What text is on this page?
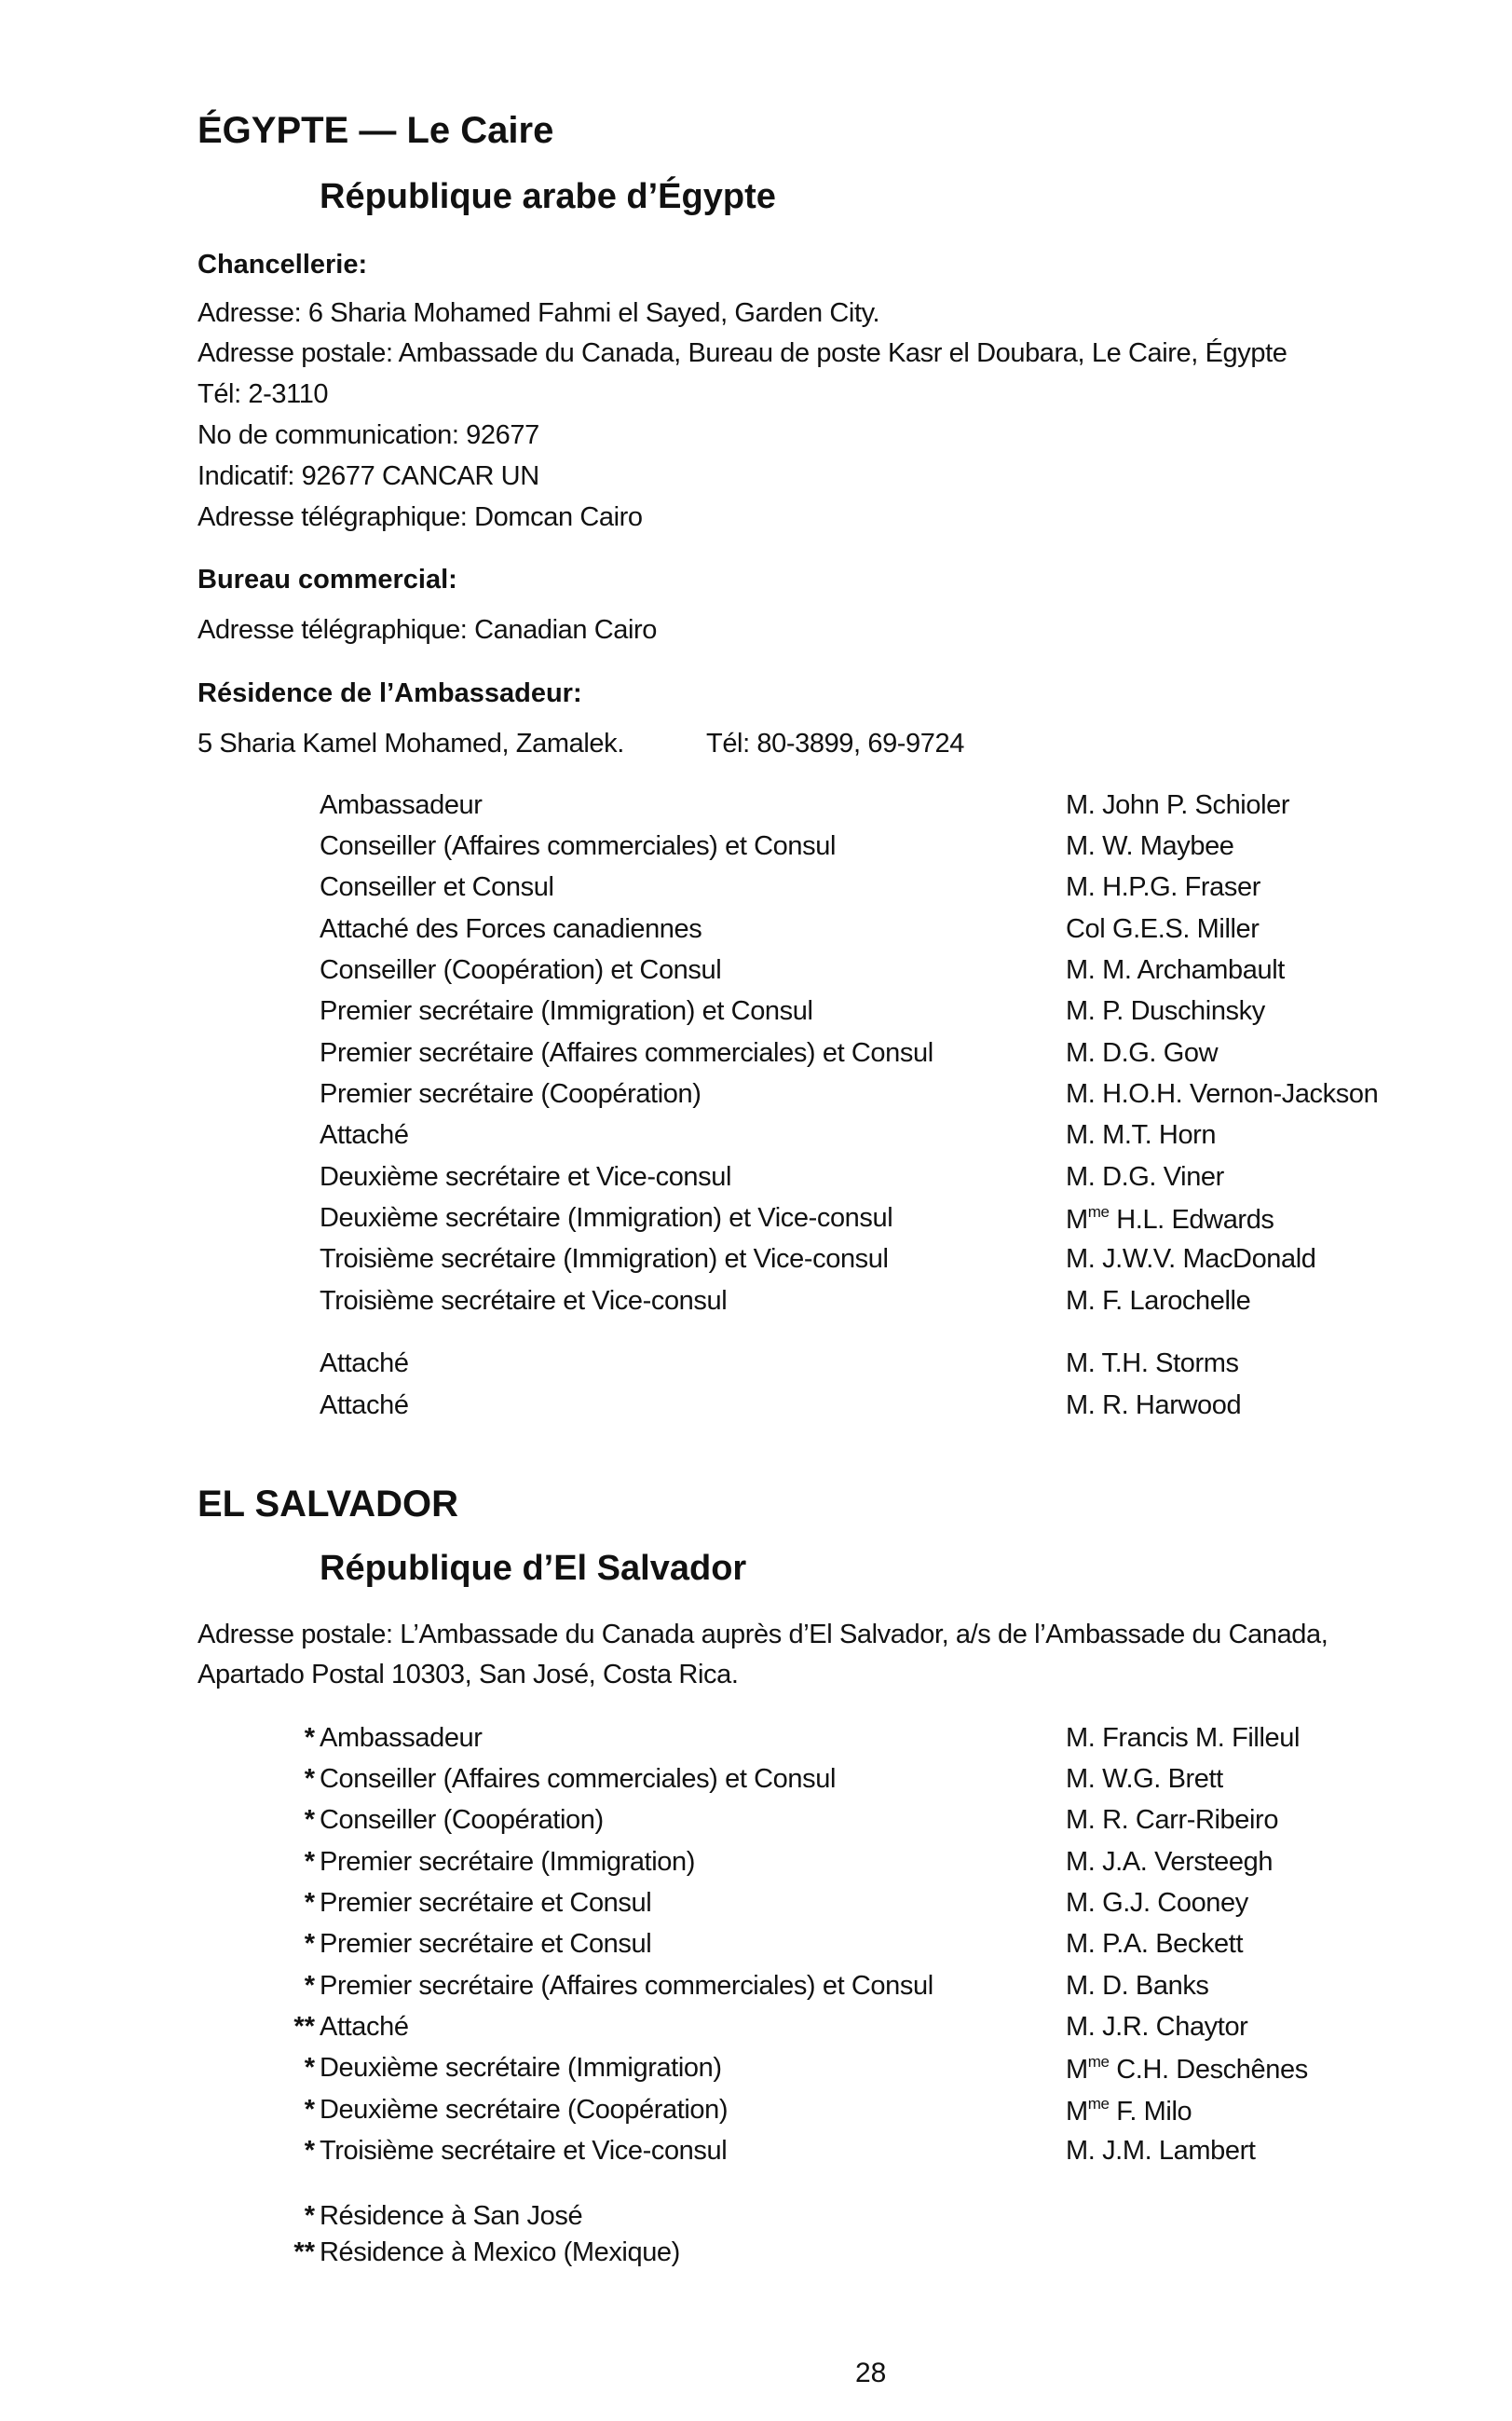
ÉGYPTE — Le Caire
République arabe d’Égypte
Chancellerie:
Adresse: 6 Sharia Mohamed Fahmi el Sayed, Garden City.
Adresse postale: Ambassade du Canada, Bureau de poste Kasr el Doubara, Le Caire, Égypte
Tél: 2-3110
No de communication: 92677
Indicatif: 92677 CANCAR UN
Adresse télégraphique: Domcan Cairo
Bureau commercial:
Adresse télégraphique: Canadian Cairo
Résidence de l’Ambassadeur:
5 Sharia Kamel Mohamed, Zamalek.	Tél: 80-3899, 69-9724
Ambassadeur	M. John P. Schioler
Conseiller (Affaires commerciales) et Consul	M. W. Maybee
Conseiller et Consul	M. H.P.G. Fraser
Attaché des Forces canadiennes	Col G.E.S. Miller
Conseiller (Coopération) et Consul	M. M. Archambault
Premier secrétaire (Immigration) et Consul	M. P. Duschinsky
Premier secrétaire (Affaires commerciales) et Consul	M. D.G. Gow
Premier secrétaire (Coopération)	M. H.O.H. Vernon-Jackson
Attaché	M. M.T. Horn
Deuxième secrétaire et Vice-consul	M. D.G. Viner
Deuxième secrétaire (Immigration) et Vice-consul	$M^{me}$ H.L. Edwards
Troisième secrétaire (Immigration) et Vice-consul	M. J.W.V. MacDonald
Troisième secrétaire et Vice-consul	M. F. Larochelle
Attaché	M. T.H. Storms
Attaché	M. R. Harwood
EL SALVADOR
République d’El Salvador
Adresse postale: L’Ambassade du Canada auprès d’El Salvador, a/s de l’Ambassade du Canada,
Apartado Postal 10303, San José, Costa Rica.
* Ambassadeur	M. Francis M. Filleul
* Conseiller (Affaires commerciales) et Consul	M. W.G. Brett
* Conseiller (Coopération)	M. R. Carr-Ribeiro
* Premier secrétaire (Immigration)	M. J.A. Versteegh
* Premier secrétaire et Consul	M. G.J. Cooney
* Premier secrétaire et Consul	M. P.A. Beckett
* Premier secrétaire (Affaires commerciales) et Consul	M. D. Banks
** Attaché	M. J.R. Chaytor
* Deuxième secrétaire (Immigration)	$M^{me}$ C.H. Deschênes
* Deuxième secrétaire (Coopération)	$M^{me}$ F. Milo
* Troisième secrétaire et Vice-consul	M. J.M. Lambert
* Résidence à San José
** Résidence à Mexico (Mexique)
28
